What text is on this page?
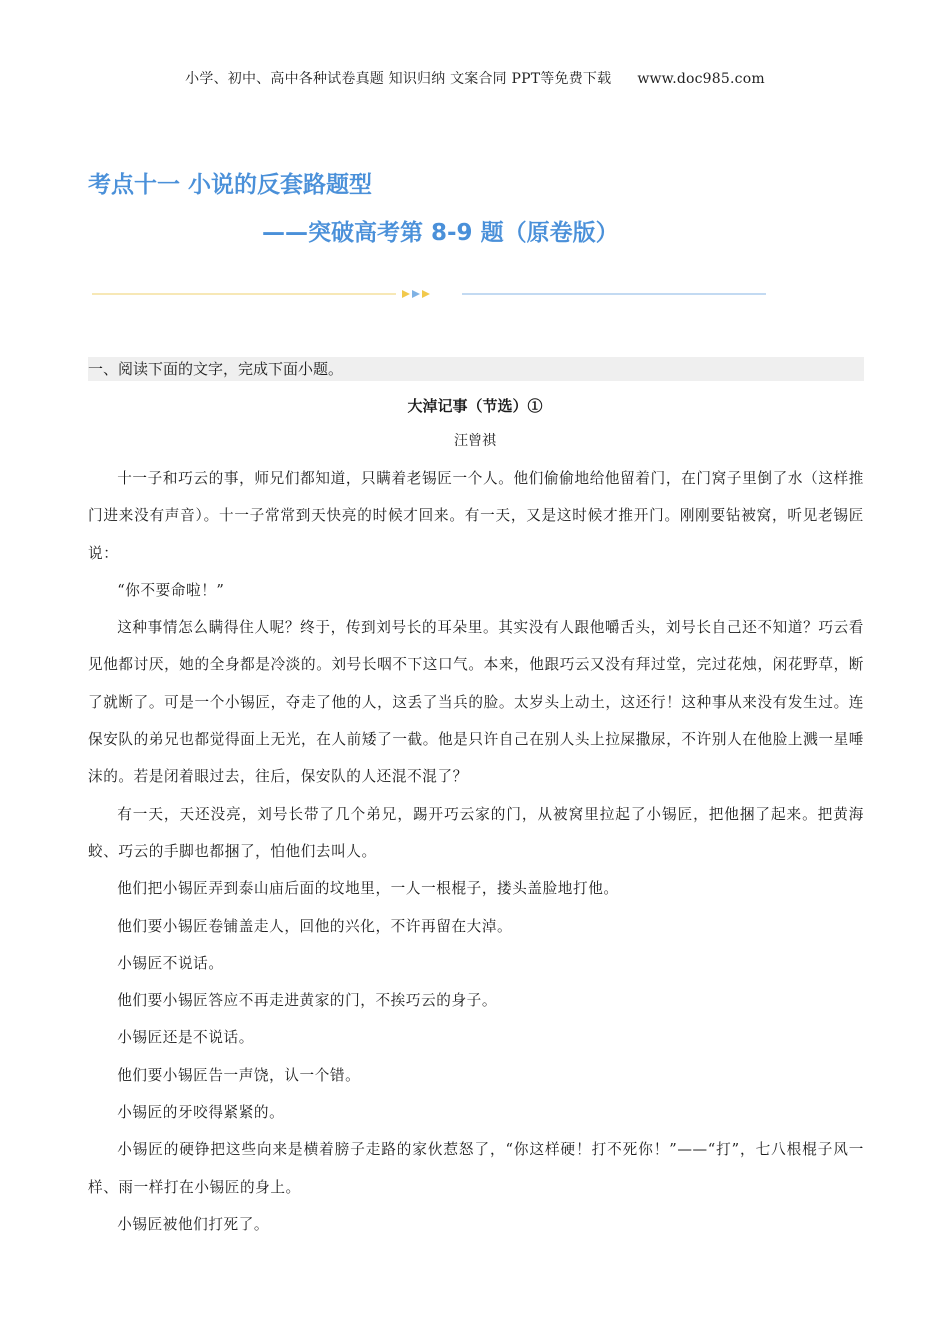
小学、初中、高中各种试卷真题 知识归纳 文案合同 PPT等免费下载 www.doc985.com
考点十一 小说的反套路题型
——突破高考第 8-9 题（原卷版）
一、阅读下面的文字，完成下面小题。
大淖记事（节选）①
汪曾祺

十一子和巧云的事，师兄们都知道，只瞒着老锡匠一个人。他们偷偷地给他留着门，在门窝子里倒了水（这样推门进来没有声音）。十一子常常到天快亮的时候才回来。有一天，又是这时候才推开门。刚刚要钻被窝，听见老锡匠说：

“你不要命啦！”

这种事情怎么瞒得住人呢？终于，传到刘号长的耳朵里。其实没有人跟他嚼舌头，刘号长自己还不知道？巧云看见他都讨厌，她的全身都是冷淡的。刘号长咽不下这口气。本来，他跟巧云又没有拜过堂，完过花烛，闲花野草，断了就断了。可是一个小锡匠，夺走了他的人，这丢了当兵的脸。太岁头上动土，这还行！这种事从来没有发生过。连保安队的弟兄也都觉得面上无光，在人前矮了一截。他是只许自己在别人头上拉屎撒尿，不许别人在他脸上溅一星唾沫的。若是闭着眼过去，往后，保安队的人还混不混了？

有一天，天还没亮，刘号长带了几个弟兄，踢开巧云家的门，从被窝里拉起了小锡匠，把他捆了起来。把黄海蛟、巧云的手脚也都捆了，怕他们去叫人。

他们把小锡匠弄到泰山庙后面的坟地里，一人一根棍子，搂头盖脸地打他。

他们要小锡匠卷铺盖走人，回他的兴化，不许再留在大淖。

小锡匠不说话。

他们要小锡匠答应不再走进黄家的门，不挨巧云的身子。

小锡匠还是不说话。

他们要小锡匠告一声饶，认一个错。

小锡匠的牙咬得紧紧的。

小锡匠的硬铮把这些向来是横着膀子走路的家伙惹怒了，“你这样硬！打不死你！”——“打”，七八根棍子风一样、雨一样打在小锡匠的身上。

小锡匠被他们打死了。
